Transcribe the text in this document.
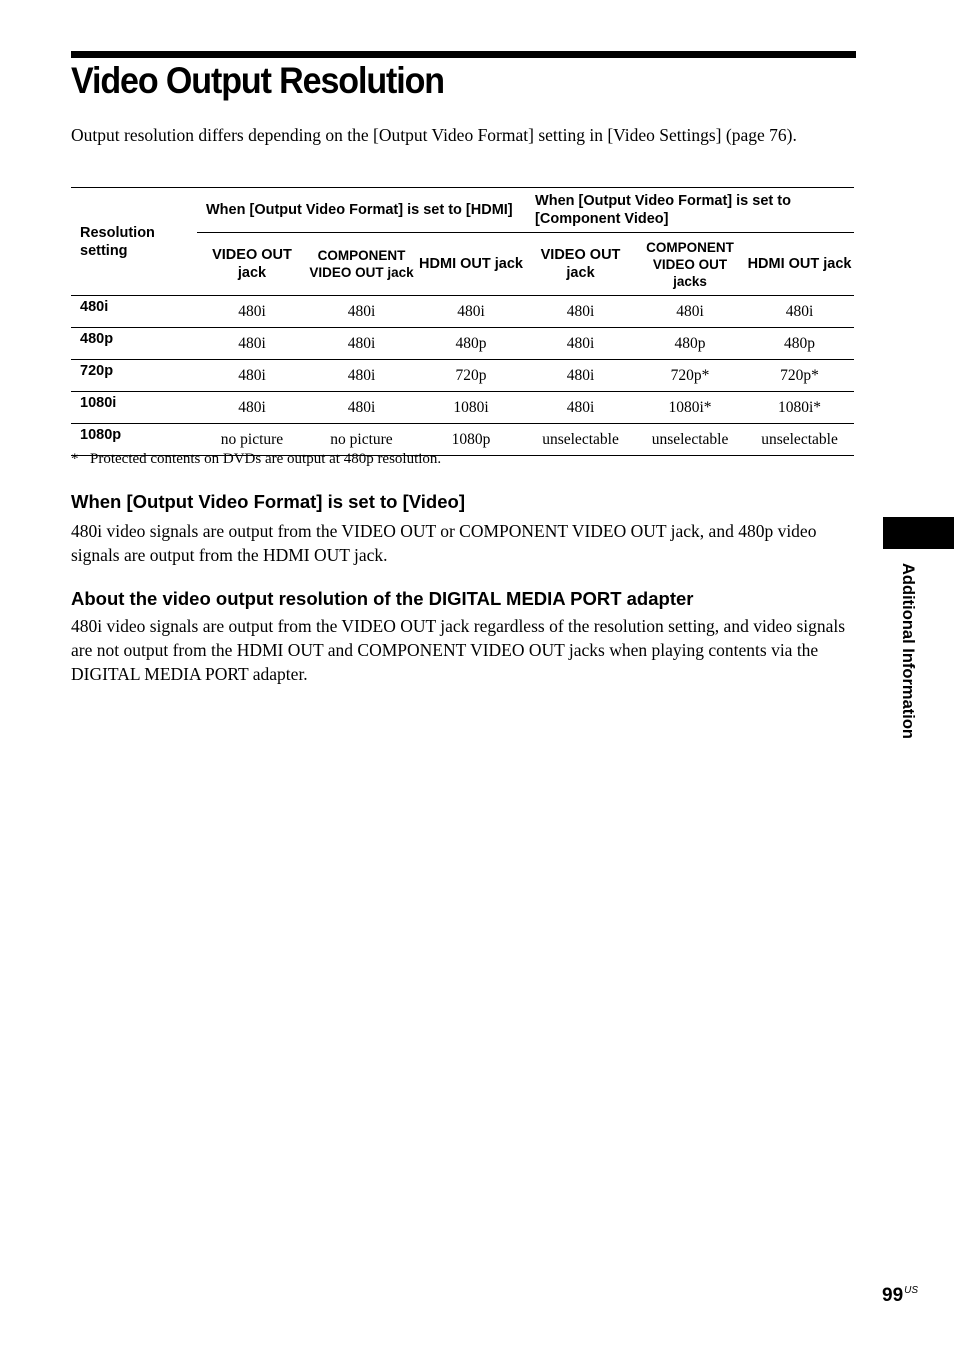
Video Output Resolution

Output resolution differs depending on the [Output Video Format] setting in [Video Settings] (page 76).

Resolution setting	When [Output Video Format] is set to [HDMI]			When [Output Video Format] is set to [Component Video]		
	VIDEO OUT jack	COMPONENT VIDEO OUT jack	HDMI OUT jack	VIDEO OUT jack	COMPONENT VIDEO OUT jacks	HDMI OUT jack
480i	480i	480i	480i	480i	480i	480i
480p	480i	480i	480p	480i	480p	480p
720p	480i	480i	720p	480i	720p*	720p*
1080i	480i	480i	1080i	480i	1080i*	1080i*
1080p	no picture	no picture	1080p	unselectable	unselectable	unselectable

* Protected contents on DVDs are output at 480p resolution.

When [Output Video Format] is set to [Video]

480i video signals are output from the VIDEO OUT or COMPONENT VIDEO OUT jack, and 480p video signals are output from the HDMI OUT jack.

About the video output resolution of the DIGITAL MEDIA PORT adapter

480i video signals are output from the VIDEO OUT jack regardless of the resolution setting, and video signals are not output from the HDMI OUT and COMPONENT VIDEO OUT jacks when playing contents via the DIGITAL MEDIA PORT adapter.	Additional Information
$99^{US}$
